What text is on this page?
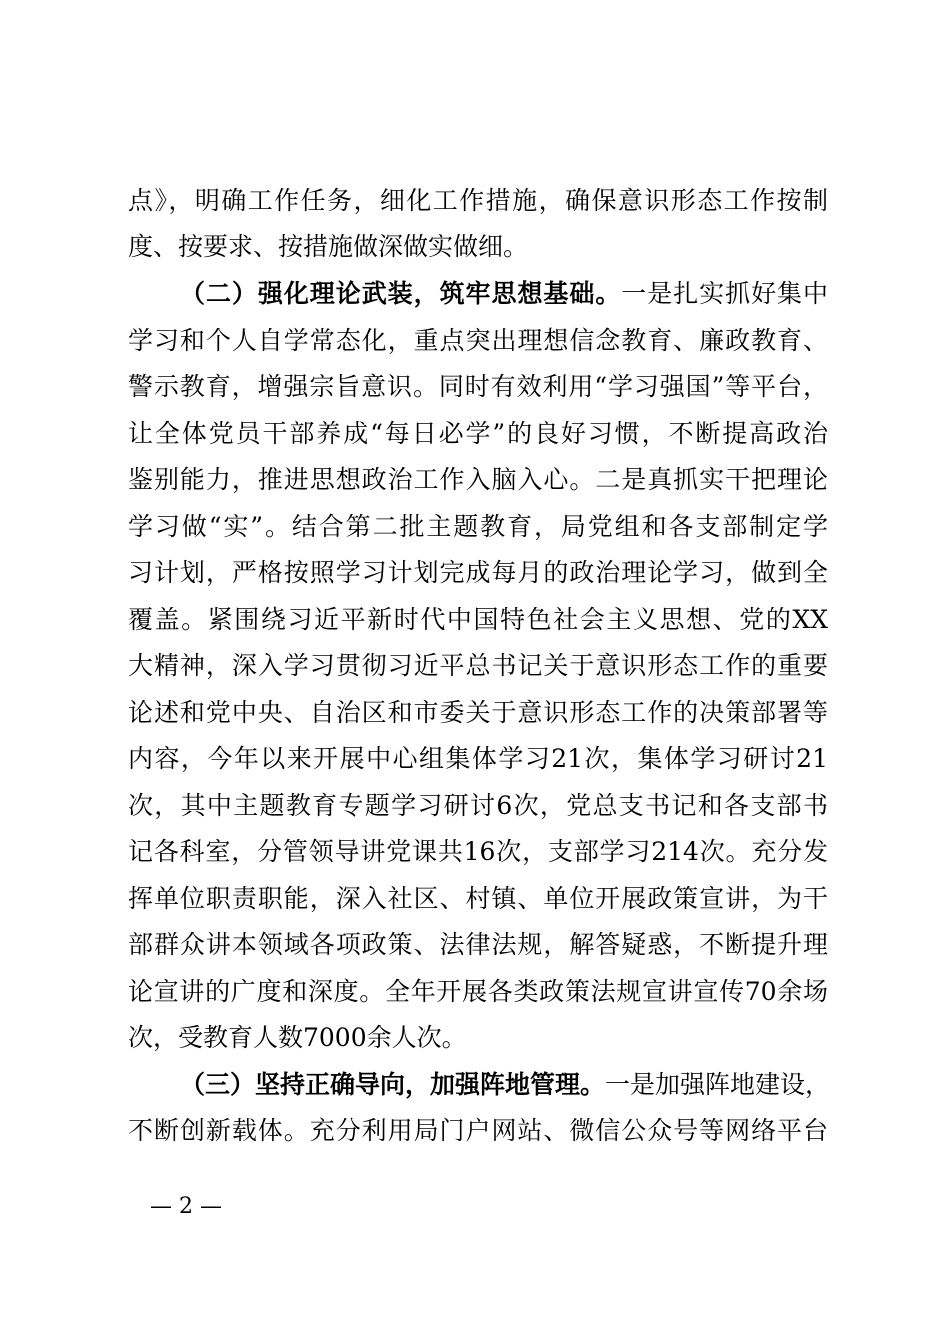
点》，明确工作任务，细化工作措施，确保意识形态工作按制
度、按要求、按措施做深做实做细。
（二）强化理论武装，筑牢思想基础。一是扎实抓好集中
学习和个人自学常态化，重点突出理想信念教育、廉政教育、
警示教育，增强宗旨意识。同时有效利用“学习强国”等平台，
让全体党员干部养成“每日必学”的良好习惯，不断提高政治
鉴别能力，推进思想政治工作入脑入心。二是真抓实干把理论
学习做“实”。结合第二批主题教育，局党组和各支部制定学
习计划，严格按照学习计划完成每月的政治理论学习，做到全
覆盖。紧围绕习近平新时代中国特色社会主义思想、党的XX
大精神，深入学习贯彻习近平总书记关于意识形态工作的重要
论述和党中央、自治区和市委关于意识形态工作的决策部署等
内容，今年以来开展中心组集体学习21次，集体学习研讨21
次，其中主题教育专题学习研讨6次，党总支书记和各支部书
记各科室，分管领导讲党课共16次，支部学习214次。充分发
挥单位职责职能，深入社区、村镇、单位开展政策宣讲，为干
部群众讲本领域各项政策、法律法规，解答疑惑，不断提升理
论宣讲的广度和深度。全年开展各类政策法规宣讲宣传70余场
次，受教育人数7000余人次。
（三）坚持正确导向，加强阵地管理。一是加强阵地建设，
不断创新载体。充分利用局门户网站、微信公众号等网络平台
— 2 —
